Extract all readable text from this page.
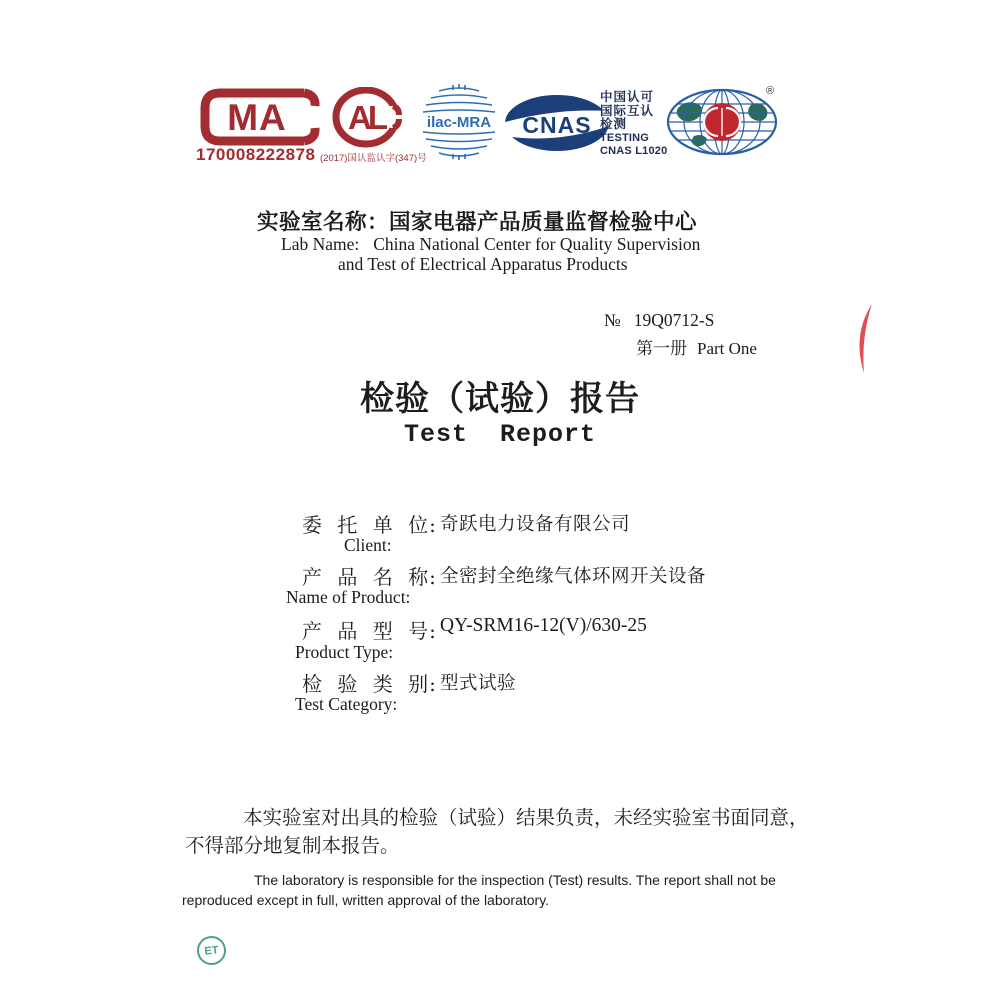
MA
170008222878
AL
(2017)国认监认字(347)号
ilac-MRA CNAS
中国认可
国际互认
检测
TESTING
CNAS L1020
®
实验室名称：国家电器产品质量监督检验中心
Lab Name: China National Center for Quality Supervision
and Test of Electrical Apparatus Products
№ 19Q0712-S
第一册 Part One
检验（试验）报告
Test  Report
委 托 单 位: 奇跃电力设备有限公司
Client:
产 品 名 称: 全密封全绝缘气体环网开关设备
Name of Product:
产 品 型 号: QY-SRM16-12(V)/630-25
Product Type:
检 验 类 别: 型式试验
Test Category:
本实验室对出具的检验（试验）结果负责，未经实验室书面同意，不得部分地复制本报告。
The laboratory is responsible for the inspection (Test) results. The report shall not be reproduced except in full, written approval of the laboratory.
ET
